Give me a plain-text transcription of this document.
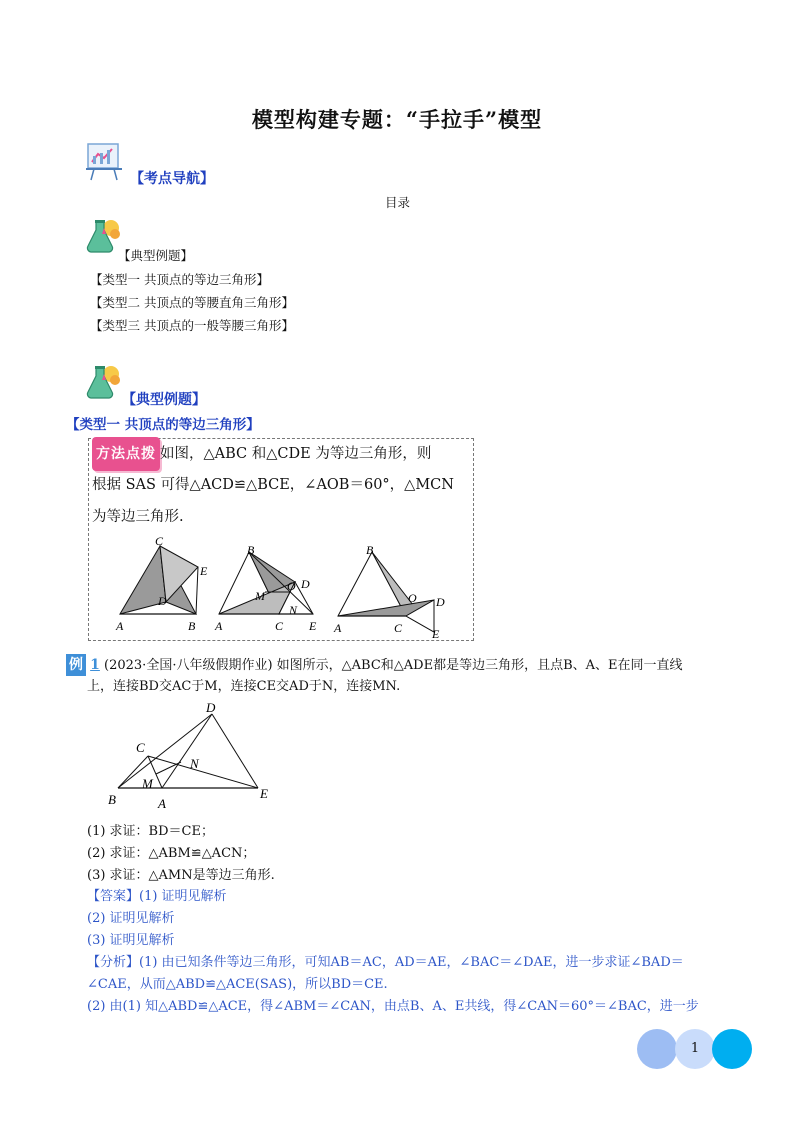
模型构建专题：“手拉手”模型
【考点导航】
目录
【典型例题】
【类型一 共顶点的等边三角形】
【类型二 共顶点的等腰直角三角形】
【类型三 共顶点的一般等腰三角形】
【典型例题】
【类型一 共顶点的等边三角形】
方法点拨 如图，△ABC 和△CDE 为等边三角形，则
根据 SAS 可得△ACD≌△BCE，∠AOB＝60°，△MCN
为等边三角形.
C
E
D
A	B
B
O D
M
N
A	C E
B
O D
A	C E
例 1 (2023·全国·八年级假期作业) 如图所示，△ABC和△ADE都是等边三角形，且点B、A、E在同一直线
上，连接BD交AC于M，连接CE交AD于N，连接MN.
D
C
N
M
B	A
E
(1) 求证：BD＝CE；
(2) 求证：△ABM≌△ACN；
(3) 求证：△AMN是等边三角形.
【答案】(1) 证明见解析
(2) 证明见解析
(3) 证明见解析
【分析】(1) 由已知条件等边三角形，可知AB＝AC，AD＝AE，∠BAC＝∠DAE，进一步求证∠BAD＝
∠CAE，从而△ABD≌△ACE(SAS)，所以BD＝CE.
(2) 由(1) 知△ABD≌△ACE，得∠ABM＝∠CAN，由点B、A、E共线，得∠CAN＝60°＝∠BAC，进一步
1
